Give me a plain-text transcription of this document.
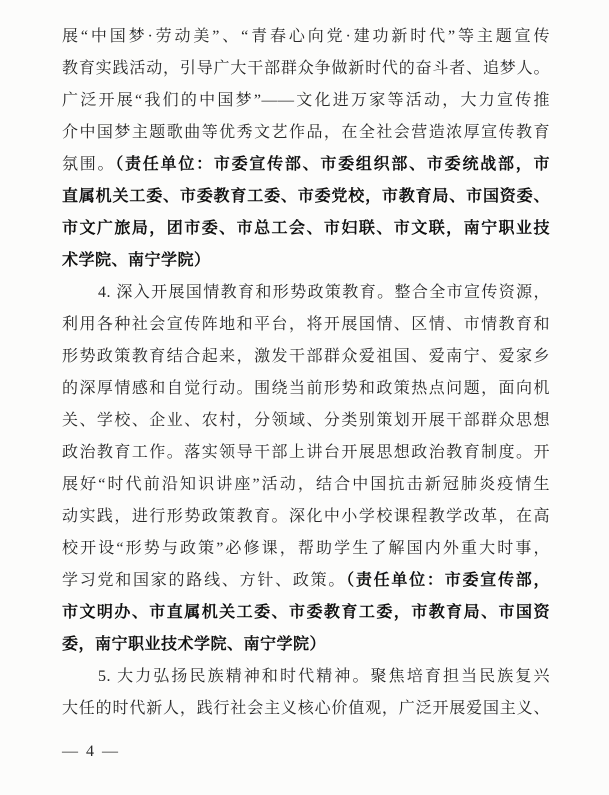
展“中国梦·劳动美”、“青春心向党·建功新时代”等主题宣传
教育实践活动，引导广大干部群众争做新时代的奋斗者、追梦人。
广泛开展“我们的中国梦”——文化进万家等活动，大力宣传推
介中国梦主题歌曲等优秀文艺作品，在全社会营造浓厚宣传教育
氛围。（责任单位：市委宣传部、市委组织部、市委统战部，市
直属机关工委、市委教育工委、市委党校，市教育局、市国资委、
市文广旅局，团市委、市总工会、市妇联、市文联，南宁职业技
术学院、南宁学院）
4. 深入开展国情教育和形势政策教育。整合全市宣传资源，
利用各种社会宣传阵地和平台，将开展国情、区情、市情教育和
形势政策教育结合起来，激发干部群众爱祖国、爱南宁、爱家乡
的深厚情感和自觉行动。围绕当前形势和政策热点问题，面向机
关、学校、企业、农村，分领域、分类别策划开展干部群众思想
政治教育工作。落实领导干部上讲台开展思想政治教育制度。开
展好“时代前沿知识讲座”活动，结合中国抗击新冠肺炎疫情生
动实践，进行形势政策教育。深化中小学校课程教学改革，在高
校开设“形势与政策”必修课，帮助学生了解国内外重大时事，
学习党和国家的路线、方针、政策。（责任单位：市委宣传部，
市文明办、市直属机关工委、市委教育工委，市教育局、市国资
委，南宁职业技术学院、南宁学院）
5. 大力弘扬民族精神和时代精神。聚焦培育担当民族复兴
大任的时代新人，践行社会主义核心价值观，广泛开展爱国主义、
— 4 —
